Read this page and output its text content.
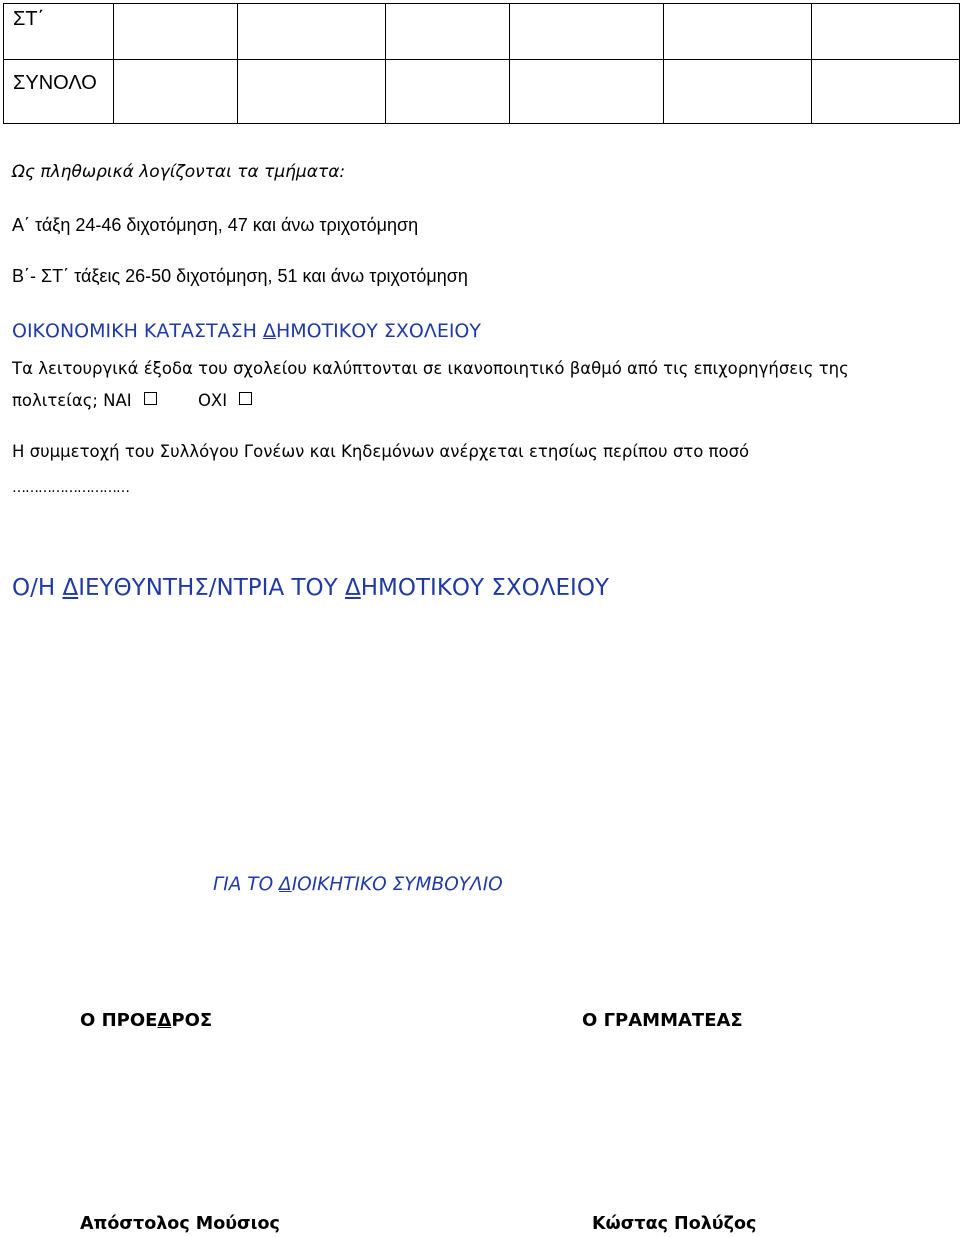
ΣΤ΄						
ΣΥΝΟΛΟ						
Ως πληθωρικά λογίζονται τα τμήματα:
Α΄ τάξη 24-46 διχοτόμηση, 47 και άνω τριχοτόμηση
Β΄- ΣΤ΄ τάξεις 26-50 διχοτόμηση, 51 και άνω τριχοτόμηση
ΟΙΚΟΝΟΜΙΚΗ ΚΑΤΑΣΤΑΣΗ ΔΗΜΟΤΙΚΟΥ ΣΧΟΛΕΙΟΥ
Τα λειτουργικά έξοδα του σχολείου καλύπτονται σε ικανοποιητικό βαθμό από τις επιχορηγήσεις της
πολιτείας; ΝΑΙ	ΟΧΙ
Η συμμετοχή του Συλλόγου Γονέων και Κηδεμόνων ανέρχεται ετησίως περίπου στο ποσό
………………………
Ο/Η ΔΙΕΥΘΥΝΤΗΣ/ΝΤΡΙΑ ΤΟΥ ΔΗΜΟΤΙΚΟΥ ΣΧΟΛΕΙΟΥ
ΓΙΑ ΤΟ ΔΙΟΙΚΗΤΙΚΟ ΣΥΜΒΟΥΛΙΟ
Ο ΠΡΟΕΔΡΟΣ	Ο ΓΡΑΜΜΑΤΕΑΣ
Απόστολος Μούσιος	Κώστας Πολύζος
